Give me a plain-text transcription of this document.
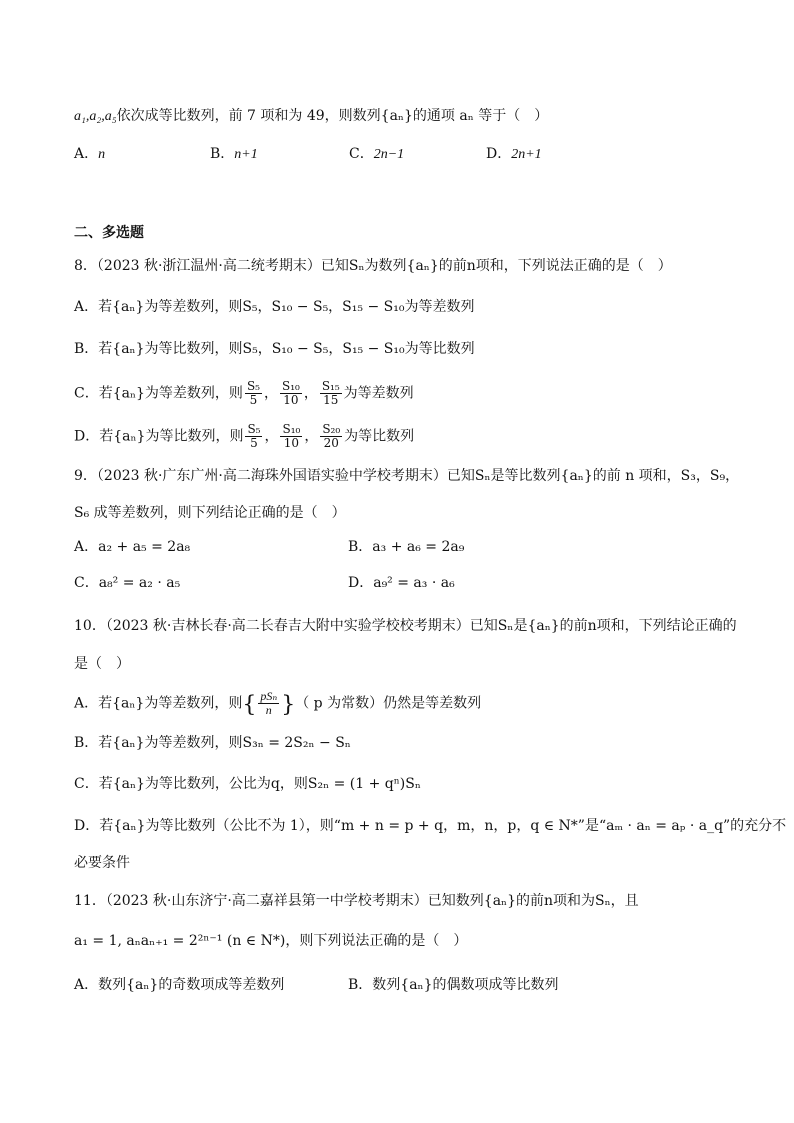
a₁,a₂,a₅依次成等比数列，前 7 项和为 49，则数列{aₙ}的通项 aₙ 等于（　）
A．n	B．n+1	C．2n−1	D．2n+1
二、多选题
8．（2023 秋·浙江温州·高二统考期末）已知Sₙ为数列{aₙ}的前n项和，下列说法正确的是（　）
A．若{aₙ}为等差数列，则S₅，S₁₀ − S₅，S₁₅ − S₁₀为等差数列
B．若{aₙ}为等比数列，则S₅，S₁₀ − S₅，S₁₅ − S₁₀为等比数列
C．若{aₙ}为等差数列，则 $\frac{\text{S₅}}{5}$ ， $\frac{\text{S₁₀}}{10}$ ， $\frac{\text{S₁₅}}{15}$ 为等差数列
D．若{aₙ}为等比数列，则 $\frac{\text{S₅}}{5}$ ， $\frac{\text{S₁₀}}{10}$ ， $\frac{\text{S₂₀}}{20}$ 为等比数列
9．（2023 秋·广东广州·高二海珠外国语实验中学校考期末）已知Sₙ是等比数列{aₙ}的前 n 项和，S₃，S₉，
S₆ 成等差数列，则下列结论正确的是（　）
A．a₂ + a₅ = 2a₈	B．a₃ + a₆ = 2a₉
C．a₈² = a₂ · a₅	D．a₉² = a₃ · a₆
10．（2023 秋·吉林长春·高二长春吉大附中实验学校校考期末）已知Sₙ是{aₙ}的前n项和，下列结论正确的
是（　）
A．若{aₙ}为等差数列，则{ $\frac{\text{pSₙ}}{n}$ }（ p 为常数）仍然是等差数列
B．若{aₙ}为等差数列，则S₃ₙ = 2S₂ₙ − Sₙ
C．若{aₙ}为等比数列，公比为q，则S₂ₙ = (1 + qⁿ)Sₙ
D．若{aₙ}为等比数列（公比不为 1），则“m + n = p + q，m，n，p，q ∈ N*”是“aₘ · aₙ = aₚ · a_q”的充分不
必要条件
11．（2023 秋·山东济宁·高二嘉祥县第一中学校考期末）已知数列{aₙ}的前n项和为Sₙ，且
a₁ = 1, aₙaₙ₊₁ = 2²ⁿ⁻¹ (n ∈ N*)，则下列说法正确的是（　）
A．数列{aₙ}的奇数项成等差数列	B．数列{aₙ}的偶数项成等比数列
